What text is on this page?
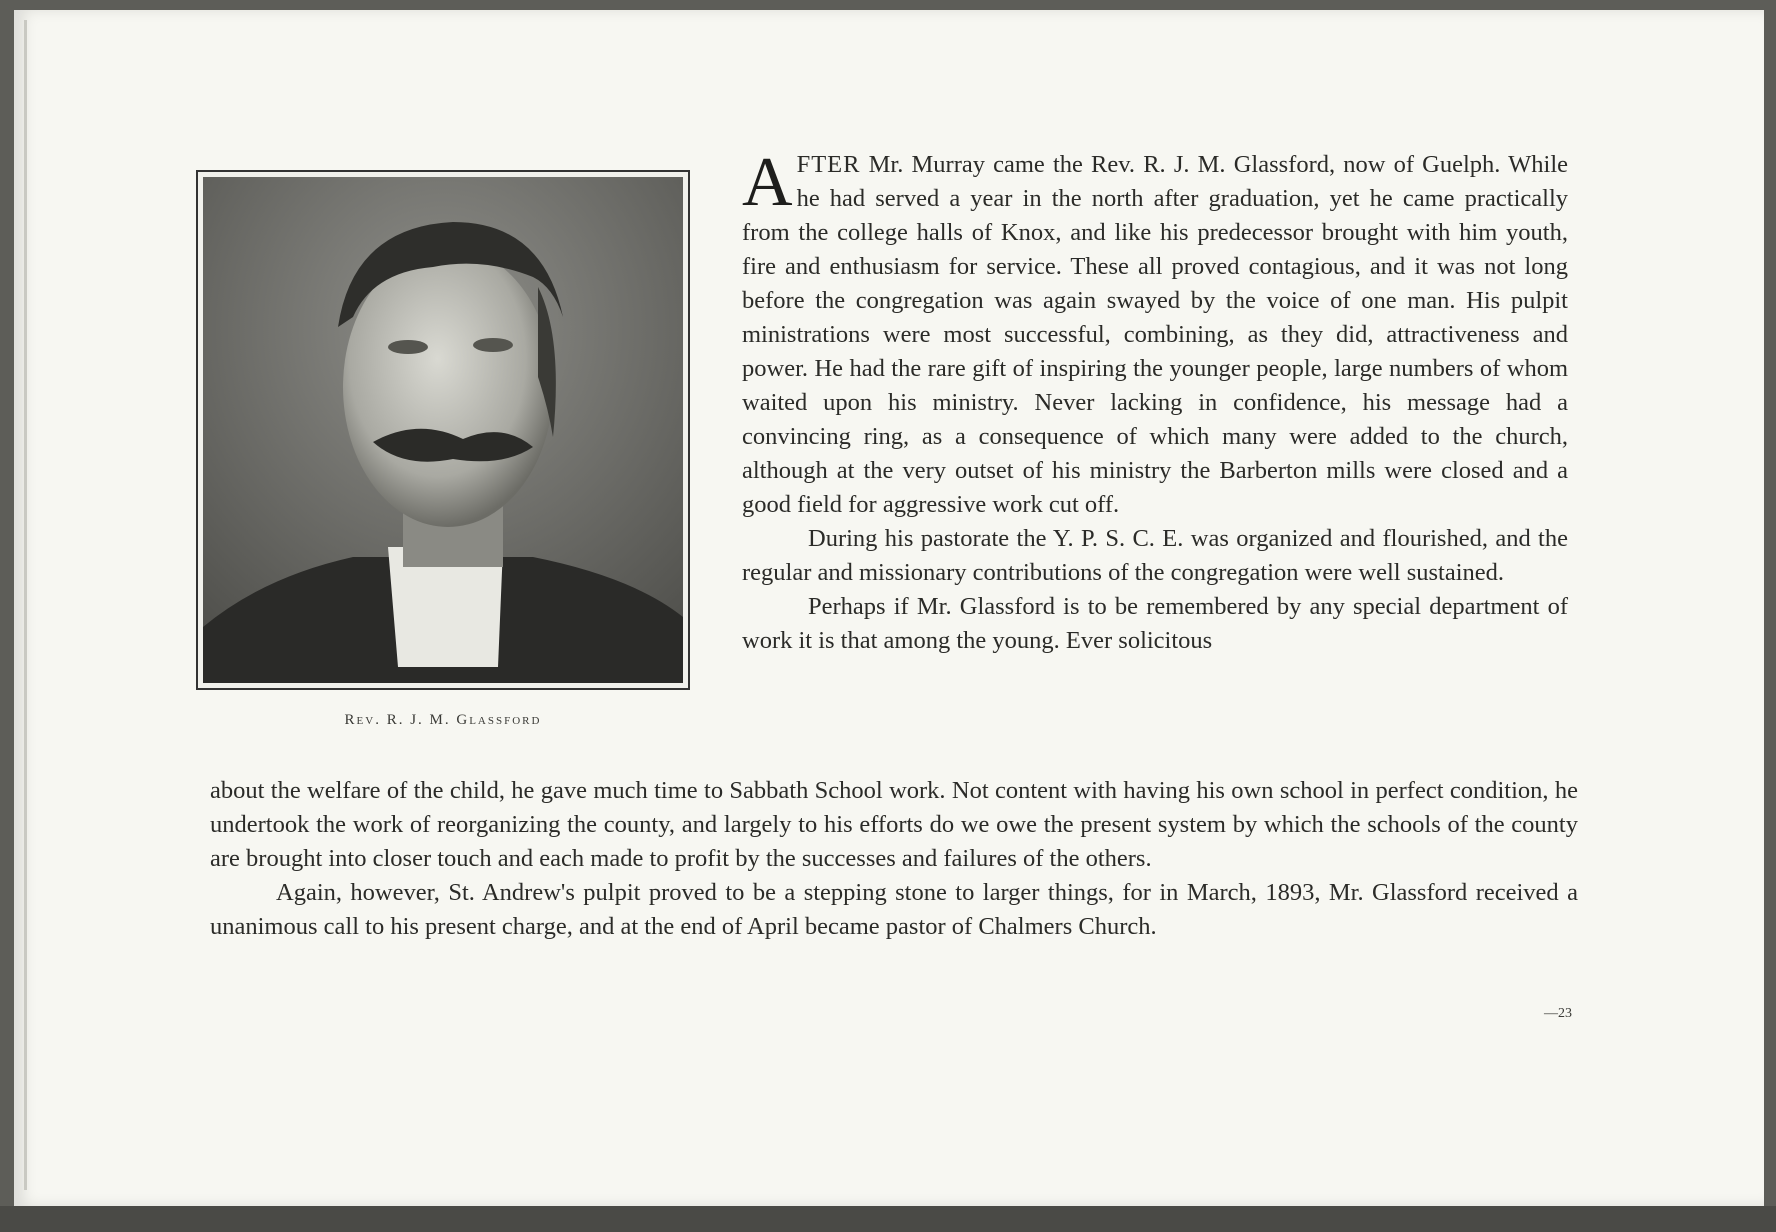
Rev. R. J. M. Glassford

AFTER Mr. Murray came the Rev. R. J. M. Glassford, now of Guelph. While he had served a year in the north after graduation, yet he came practically from the college halls of Knox, and like his predecessor brought with him youth, fire and enthusiasm for service. These all proved contagious, and it was not long before the congregation was again swayed by the voice of one man. His pulpit ministrations were most successful, combining, as they did, attractiveness and power. He had the rare gift of inspiring the younger people, large numbers of whom waited upon his ministry. Never lacking in confidence, his message had a convincing ring, as a consequence of which many were added to the church, although at the very outset of his ministry the Barberton mills were closed and a good field for aggressive work cut off.

During his pastorate the Y. P. S. C. E. was organized and flourished, and the regular and missionary contributions of the congregation were well sustained.

Perhaps if Mr. Glassford is to be remembered by any special department of work it is that among the young. Ever solicitous

about the welfare of the child, he gave much time to Sabbath School work. Not content with having his own school in perfect condition, he undertook the work of reorganizing the county, and largely to his efforts do we owe the present system by which the schools of the county are brought into closer touch and each made to profit by the successes and failures of the others.

Again, however, St. Andrew's pulpit proved to be a stepping stone to larger things, for in March, 1893, Mr. Glassford received a unanimous call to his present charge, and at the end of April became pastor of Chalmers Church.

—23
